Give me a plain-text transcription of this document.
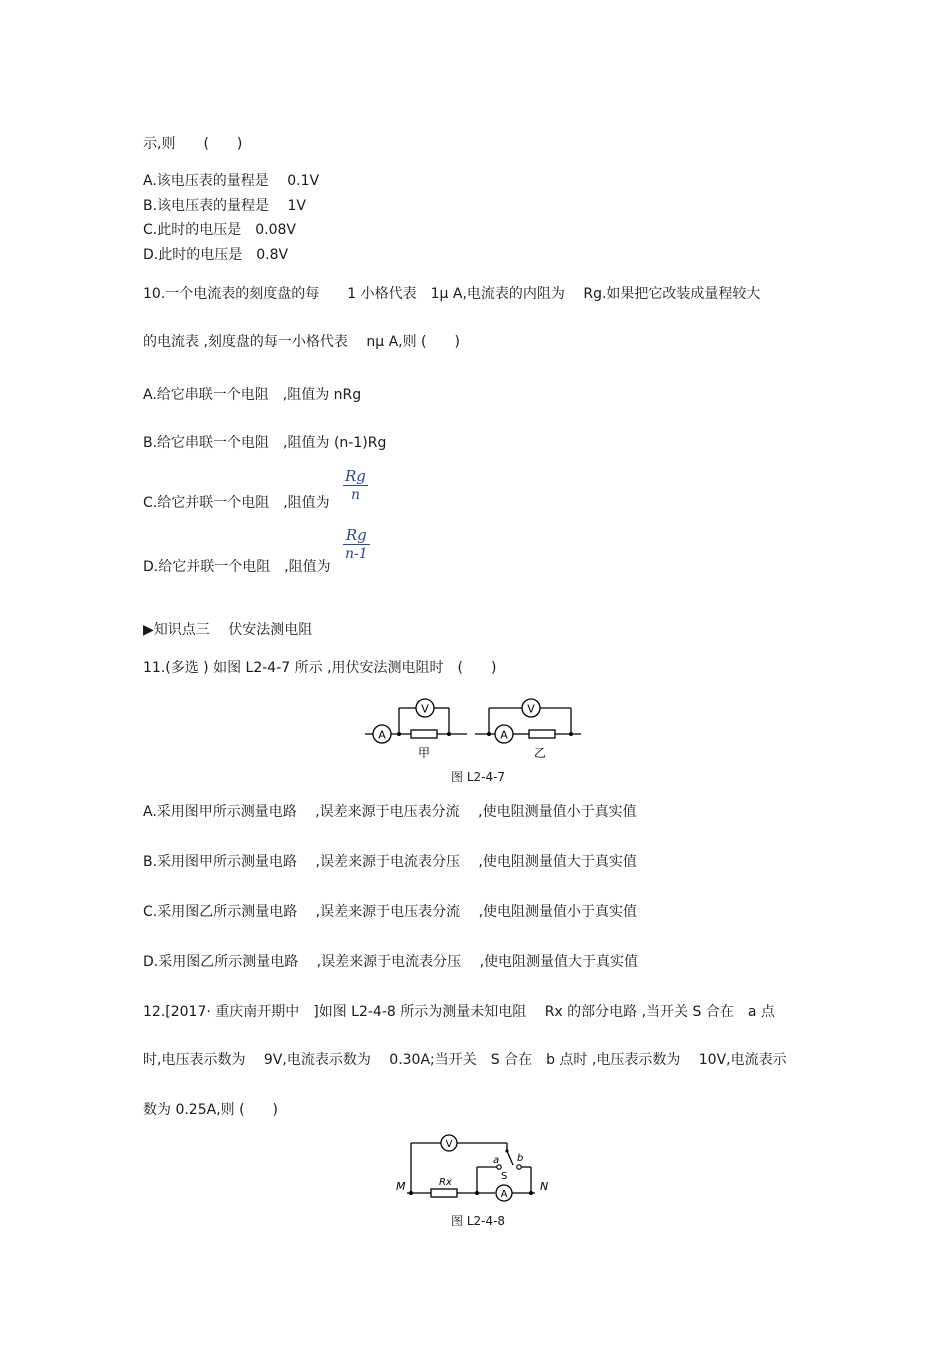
示,则　　(　　)
A.该电压表的量程是　 0.1V
B.该电压表的量程是　 1V
C.此时的电压是　0.08V
D.此时的电压是　0.8V
10.一个电流表的刻度盘的每　　1 小格代表　1μ A,电流表的内阻为　 Rg.如果把它改装成量程较大
的电流表 ,刻度盘的每一小格代表　 nμ A,则 (　　)
A.给它串联一个电阻　,阻值为 nRg
B.给它串联一个电阻　,阻值为 (n-1)Rg
C.给它并联一个电阻　,阻值为 $\frac{Rg}{n}$
D.给它并联一个电阻　,阻值为
$\frac{Rg}{n-1}$
▶知识点三　 伏安法测电阻
11.(多选 ) 如图 L2-4-7 所示 ,用伏安法测电阻时　(　　)
A
V
A
V
甲	乙
图 L2-4-7
A.采用图甲所示测量电路　 ,误差来源于电压表分流　 ,使电阻测量值小于真实值
B.采用图甲所示测量电路　 ,误差来源于电流表分压　 ,使电阻测量值大于真实值
C.采用图乙所示测量电路　 ,误差来源于电压表分流　 ,使电阻测量值小于真实值
D.采用图乙所示测量电路　 ,误差来源于电流表分压　 ,使电阻测量值大于真实值
12.[2017· 重庆南开期中　]如图 L2-4-8 所示为测量未知电阻　 Rx 的部分电路 ,当开关 S 合在　a 点
时,电压表示数为　 9V,电流表示数为　 0.30A;当开关　S 合在　b 点时 ,电压表示数为　 10V,电流表示
数为 0.25A,则 (　　)
A
V
M	N
Rx
a b
S
图 L2-4-8
